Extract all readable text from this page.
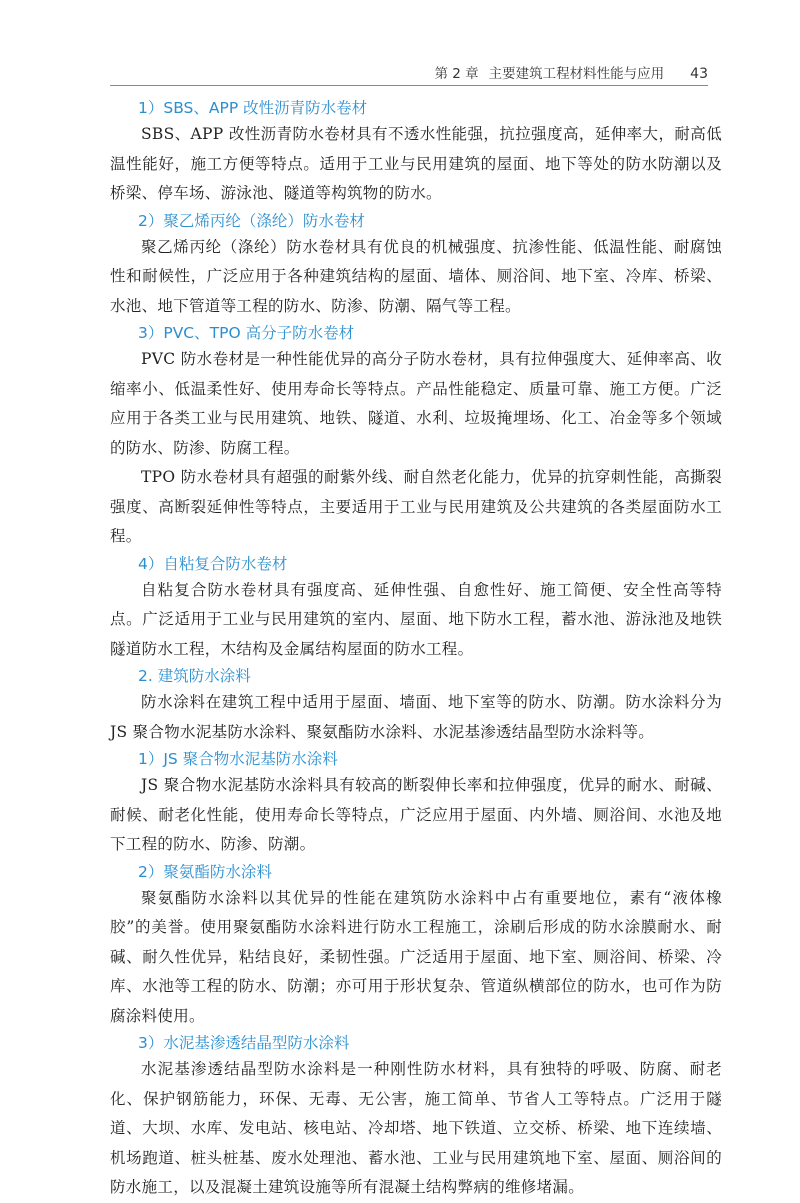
第 2 章 主要建筑工程材料性能与应用 43
1）SBS、APP 改性沥青防水卷材

SBS、APP 改性沥青防水卷材具有不透水性能强，抗拉强度高，延伸率大，耐高低温性能好，施工方便等特点。适用于工业与民用建筑的屋面、地下等处的防水防潮以及桥梁、停车场、游泳池、隧道等构筑物的防水。

2）聚乙烯丙纶（涤纶）防水卷材

聚乙烯丙纶（涤纶）防水卷材具有优良的机械强度、抗渗性能、低温性能、耐腐蚀性和耐候性，广泛应用于各种建筑结构的屋面、墙体、厕浴间、地下室、冷库、桥梁、水池、地下管道等工程的防水、防渗、防潮、隔气等工程。

3）PVC、TPO 高分子防水卷材

PVC 防水卷材是一种性能优异的高分子防水卷材，具有拉伸强度大、延伸率高、收缩率小、低温柔性好、使用寿命长等特点。产品性能稳定、质量可靠、施工方便。广泛应用于各类工业与民用建筑、地铁、隧道、水利、垃圾掩埋场、化工、冶金等多个领域的防水、防渗、防腐工程。

TPO 防水卷材具有超强的耐紫外线、耐自然老化能力，优异的抗穿刺性能，高撕裂强度、高断裂延伸性等特点，主要适用于工业与民用建筑及公共建筑的各类屋面防水工程。

4）自粘复合防水卷材

自粘复合防水卷材具有强度高、延伸性强、自愈性好、施工简便、安全性高等特点。广泛适用于工业与民用建筑的室内、屋面、地下防水工程，蓄水池、游泳池及地铁隧道防水工程，木结构及金属结构屋面的防水工程。

2. 建筑防水涂料

防水涂料在建筑工程中适用于屋面、墙面、地下室等的防水、防潮。防水涂料分为 JS 聚合物水泥基防水涂料、聚氨酯防水涂料、水泥基渗透结晶型防水涂料等。

1）JS 聚合物水泥基防水涂料

JS 聚合物水泥基防水涂料具有较高的断裂伸长率和拉伸强度，优异的耐水、耐碱、耐候、耐老化性能，使用寿命长等特点，广泛应用于屋面、内外墙、厕浴间、水池及地下工程的防水、防渗、防潮。

2）聚氨酯防水涂料

聚氨酯防水涂料以其优异的性能在建筑防水涂料中占有重要地位，素有“液体橡胶”的美誉。使用聚氨酯防水涂料进行防水工程施工，涂刷后形成的防水涂膜耐水、耐碱、耐久性优异，粘结良好，柔韧性强。广泛适用于屋面、地下室、厕浴间、桥梁、冷库、水池等工程的防水、防潮；亦可用于形状复杂、管道纵横部位的防水，也可作为防腐涂料使用。

3）水泥基渗透结晶型防水涂料

水泥基渗透结晶型防水涂料是一种刚性防水材料，具有独特的呼吸、防腐、耐老化、保护钢筋能力，环保、无毒、无公害，施工简单、节省人工等特点。广泛用于隧道、大坝、水库、发电站、核电站、冷却塔、地下铁道、立交桥、桥梁、地下连续墙、机场跑道、桩头桩基、废水处理池、蓄水池、工业与民用建筑地下室、屋面、厕浴间的防水施工，以及混凝土建筑设施等所有混凝土结构弊病的维修堵漏。
